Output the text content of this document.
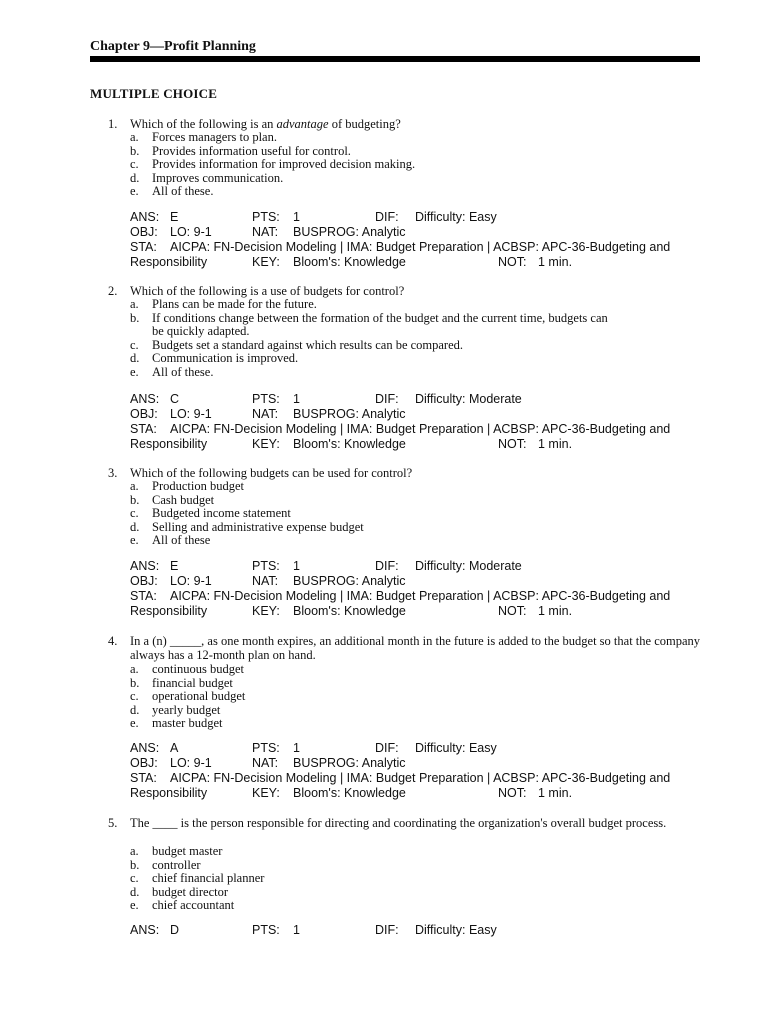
Chapter 9—Profit Planning
MULTIPLE CHOICE
1. Which of the following is an advantage of budgeting?
a.	Forces managers to plan.
b.	Provides information useful for control.
c.	Provides information for improved decision making.
d.	Improves communication.
e.	All of these.
ANS: E	PTS: 1	DIF: Difficulty: Easy
OBJ: LO: 9-1	NAT: BUSPROG: Analytic
STA: AICPA: FN-Decision Modeling | IMA: Budget Preparation | ACBSP: APC-36-Budgeting and
Responsibility	KEY: Bloom's: Knowledge	NOT: 1 min.
2. Which of the following is a use of budgets for control?
a.	Plans can be made for the future.
b.	If conditions change between the formation of the budget and the current time, budgets can be quickly adapted.
c.	Budgets set a standard against which results can be compared.
d.	Communication is improved.
e.	All of these.
ANS: C	PTS: 1	DIF: Difficulty: Moderate
OBJ: LO: 9-1	NAT: BUSPROG: Analytic
STA: AICPA: FN-Decision Modeling | IMA: Budget Preparation | ACBSP: APC-36-Budgeting and
Responsibility	KEY: Bloom's: Knowledge	NOT: 1 min.
3. Which of the following budgets can be used for control?
a.	Production budget
b.	Cash budget
c.	Budgeted income statement
d.	Selling and administrative expense budget
e.	All of these
ANS: E	PTS: 1	DIF: Difficulty: Moderate
OBJ: LO: 9-1	NAT: BUSPROG: Analytic
STA: AICPA: FN-Decision Modeling | IMA: Budget Preparation | ACBSP: APC-36-Budgeting and
Responsibility	KEY: Bloom's: Knowledge	NOT: 1 min.
4. In a (n) _____, as one month expires, an additional month in the future is added to the budget so that the company always has a 12-month plan on hand.
a.	continuous budget
b.	financial budget
c.	operational budget
d.	yearly budget
e.	master budget
ANS: A	PTS: 1	DIF: Difficulty: Easy
OBJ: LO: 9-1	NAT: BUSPROG: Analytic
STA: AICPA: FN-Decision Modeling | IMA: Budget Preparation | ACBSP: APC-36-Budgeting and
Responsibility	KEY: Bloom's: Knowledge	NOT: 1 min.
5. The ____ is the person responsible for directing and coordinating the organization's overall budget process.
a.	budget master
b.	controller
c.	chief financial planner
d.	budget director
e.	chief accountant
ANS: D	PTS: 1	DIF: Difficulty: Easy
